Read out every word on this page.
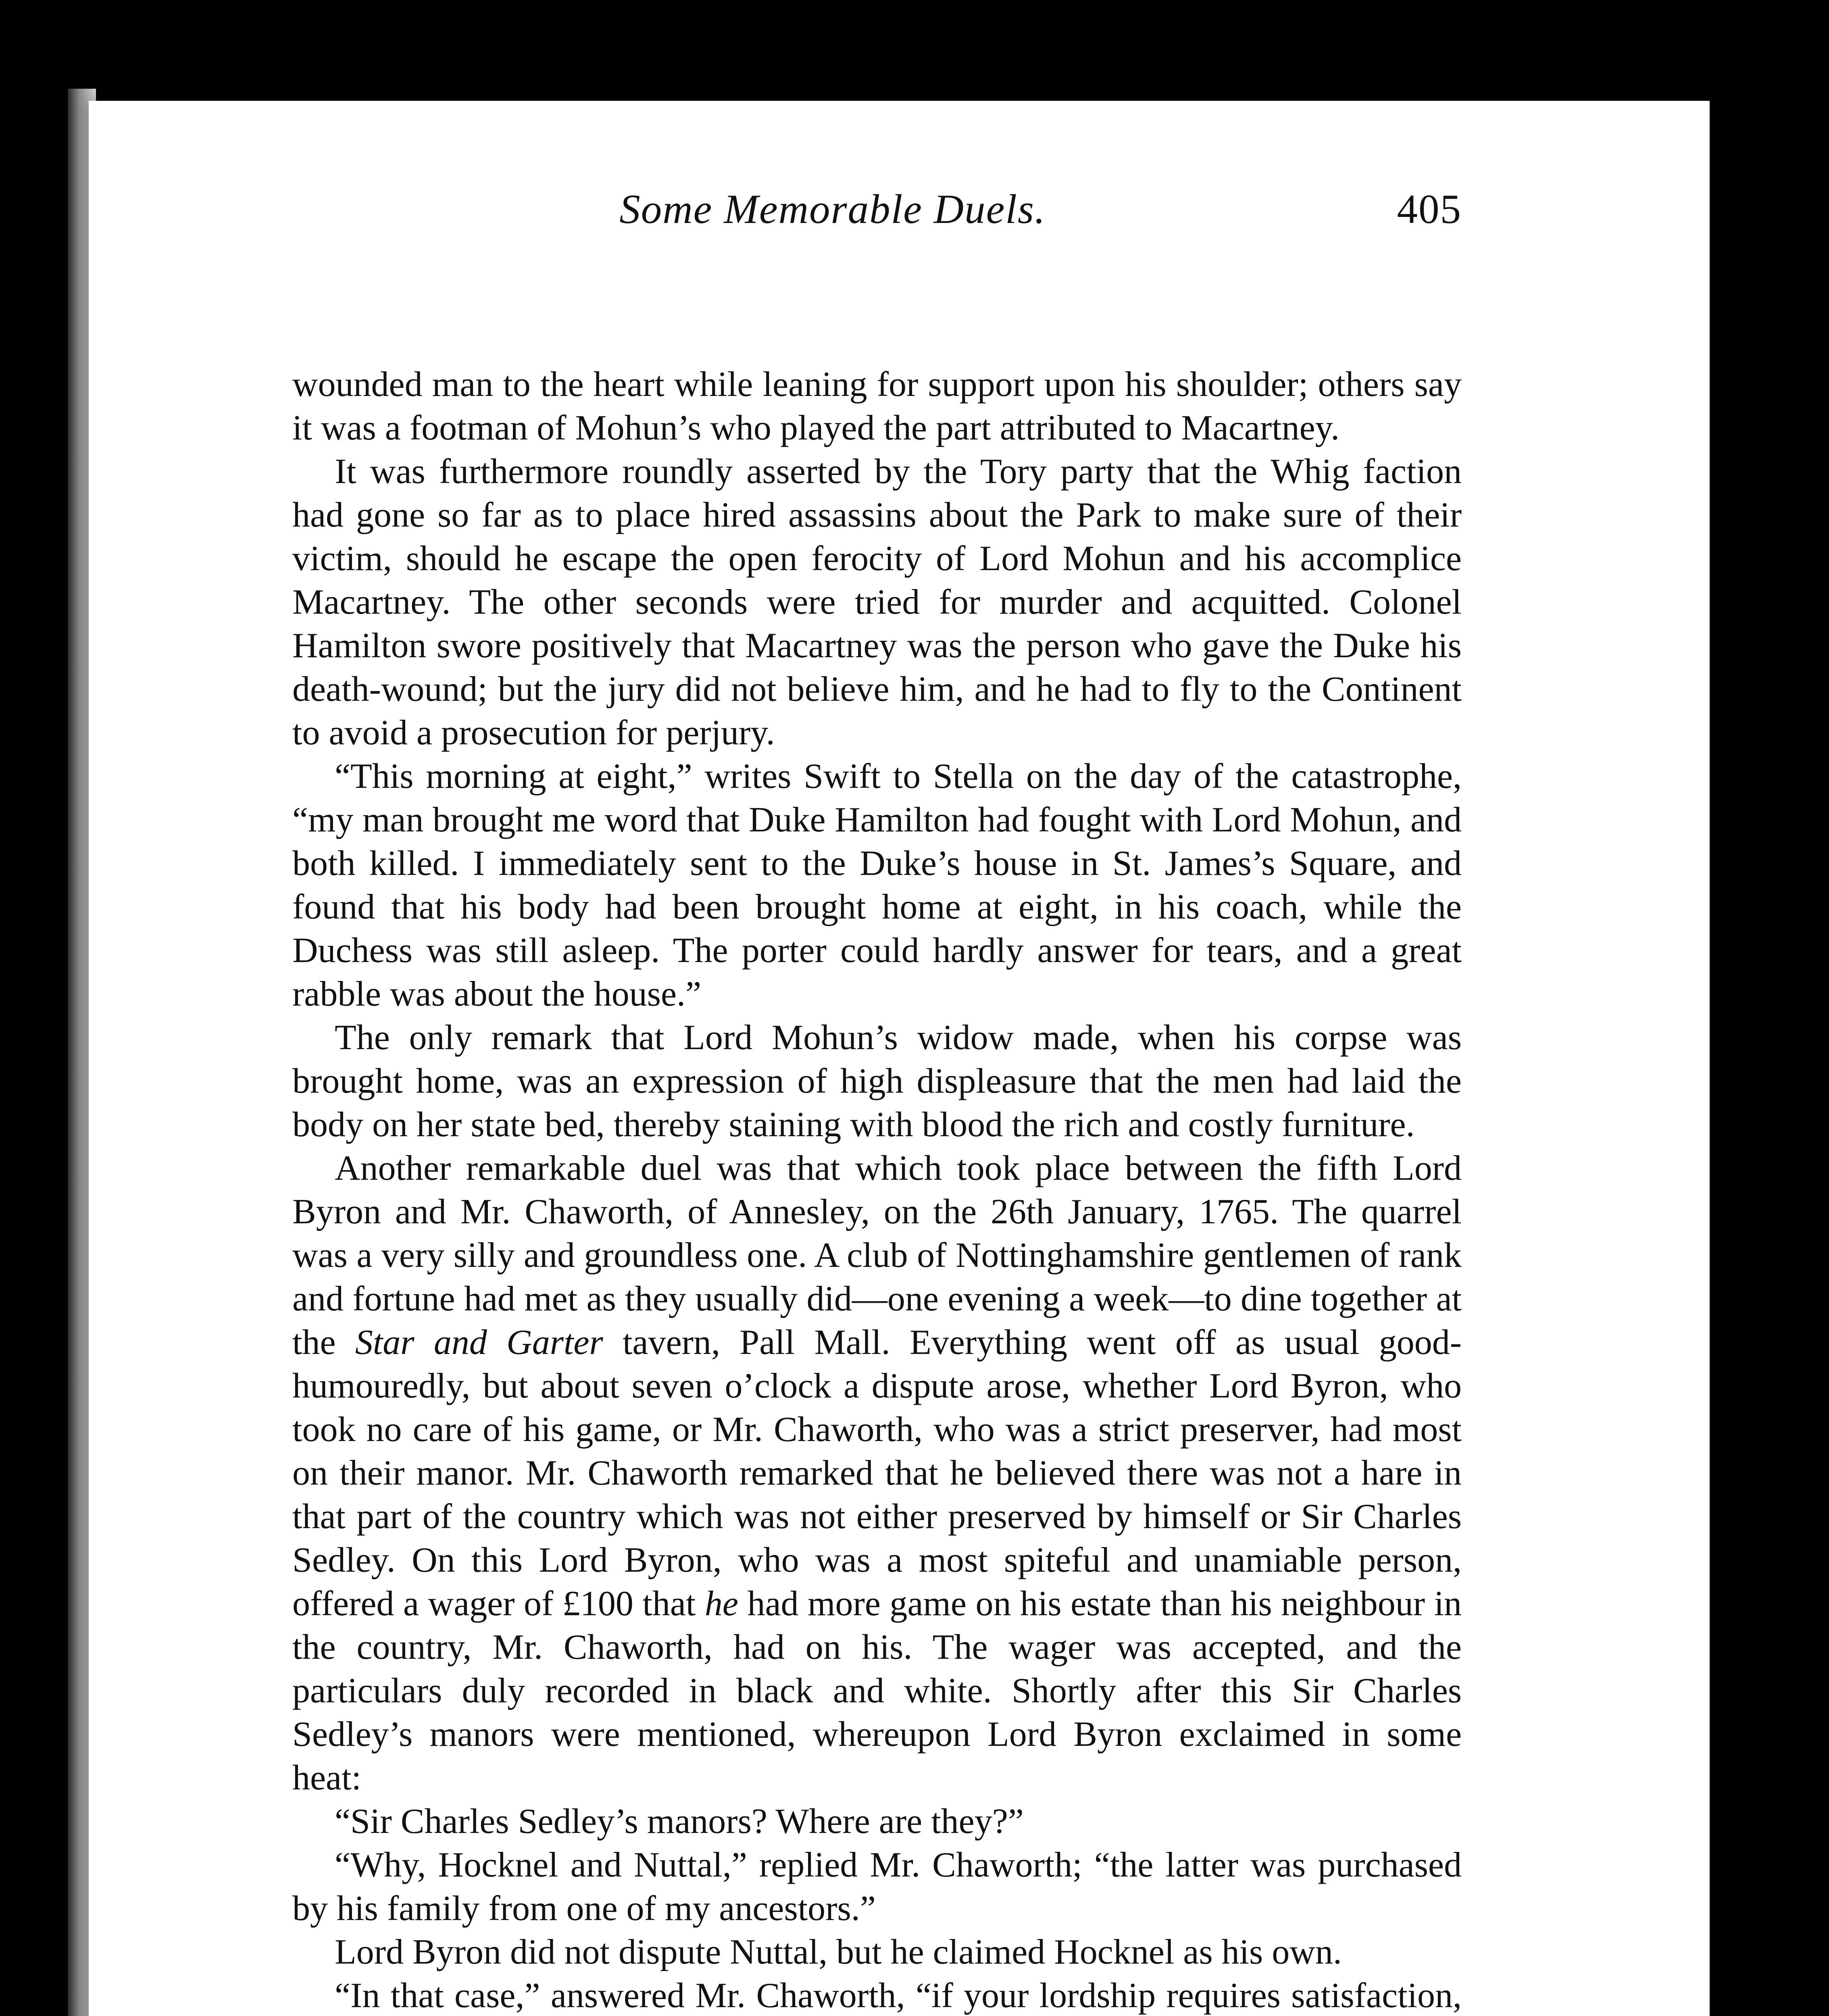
Some Memorable Duels.	405

wounded man to the heart while leaning for support upon his shoulder; others say it was a footman of Mohun’s who played the part attributed to Macartney.

It was furthermore roundly asserted by the Tory party that the Whig faction had gone so far as to place hired assassins about the Park to make sure of their victim, should he escape the open ferocity of Lord Mohun and his accomplice Macartney. The other seconds were tried for murder and acquitted. Colonel Hamilton swore positively that Macartney was the person who gave the Duke his death-wound; but the jury did not believe him, and he had to fly to the Continent to avoid a prosecution for perjury.

“This morning at eight,” writes Swift to Stella on the day of the catastrophe, “my man brought me word that Duke Hamilton had fought with Lord Mohun, and both killed. I immediately sent to the Duke’s house in St. James’s Square, and found that his body had been brought home at eight, in his coach, while the Duchess was still asleep. The porter could hardly answer for tears, and a great rabble was about the house.”

The only remark that Lord Mohun’s widow made, when his corpse was brought home, was an expression of high displeasure that the men had laid the body on her state bed, thereby staining with blood the rich and costly furniture.

Another remarkable duel was that which took place between the fifth Lord Byron and Mr. Chaworth, of Annesley, on the 26th January, 1765. The quarrel was a very silly and groundless one. A club of Nottinghamshire gentlemen of rank and fortune had met as they usually did—one evening a week—to dine together at the Star and Garter tavern, Pall Mall. Everything went off as usual good-humouredly, but about seven o’clock a dispute arose, whether Lord Byron, who took no care of his game, or Mr. Chaworth, who was a strict preserver, had most on their manor. Mr. Chaworth remarked that he believed there was not a hare in that part of the country which was not either preserved by himself or Sir Charles Sedley. On this Lord Byron, who was a most spiteful and unamiable person, offered a wager of £100 that he had more game on his estate than his neighbour in the country, Mr. Chaworth, had on his. The wager was accepted, and the particulars duly recorded in black and white. Shortly after this Sir Charles Sedley’s manors were mentioned, whereupon Lord Byron exclaimed in some heat:

“Sir Charles Sedley’s manors? Where are they?”

“Why, Hocknel and Nuttal,” replied Mr. Chaworth; “the latter was purchased by his family from one of my ancestors.”

Lord Byron did not dispute Nuttal, but he claimed Hocknel as his own.

“In that case,” answered Mr. Chaworth, “if your lordship requires satisfaction,
